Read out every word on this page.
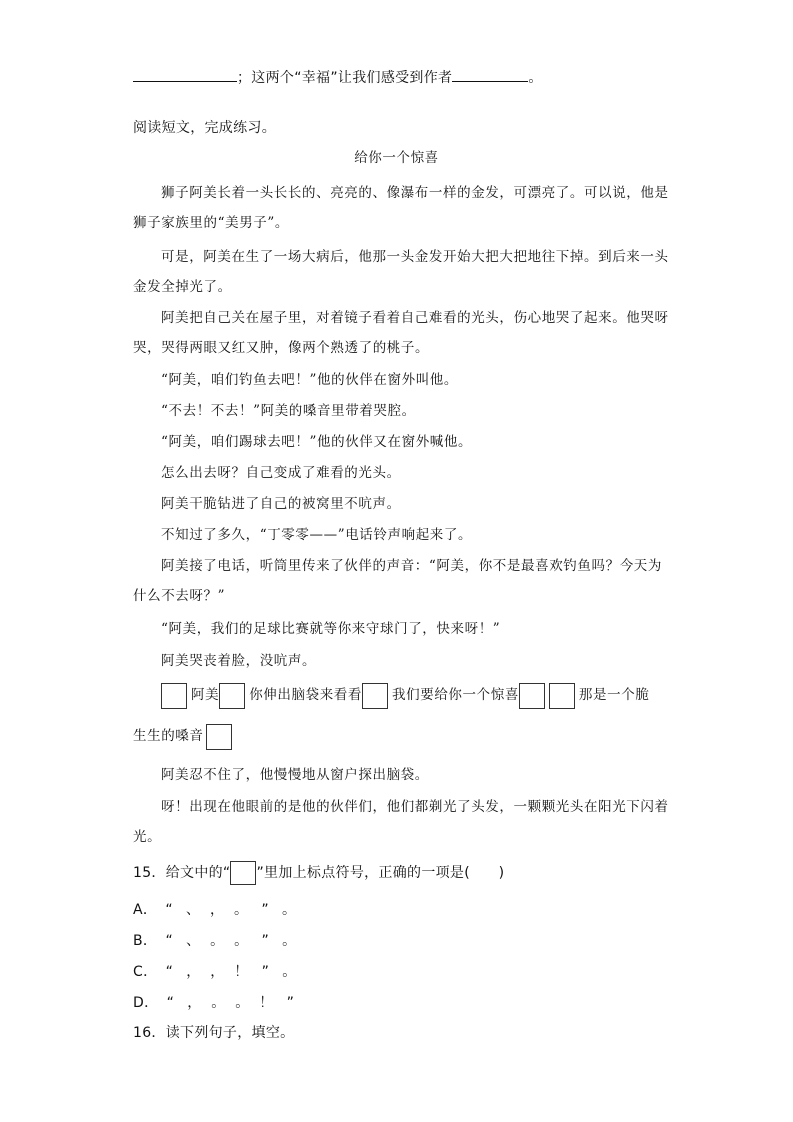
；这两个“幸福”让我们感受到作者	。
阅读短文，完成练习。
给你一个惊喜
狮子阿美长着一头长长的、亮亮的、像瀑布一样的金发，可漂亮了。可以说，他是
狮子家族里的“美男子”。
可是，阿美在生了一场大病后，他那一头金发开始大把大把地往下掉。到后来一头
金发全掉光了。
阿美把自己关在屋子里，对着镜子看着自己难看的光头，伤心地哭了起来。他哭呀
哭，哭得两眼又红又肿，像两个熟透了的桃子。
“阿美，咱们钓鱼去吧！”他的伙伴在窗外叫他。
“不去！不去！”阿美的嗓音里带着哭腔。
“阿美，咱们踢球去吧！”他的伙伴又在窗外喊他。
怎么出去呀？自己变成了难看的光头。
阿美干脆钻进了自己的被窝里不吭声。
不知过了多久，“丁零零——”电话铃声响起来了。
阿美接了电话，听筒里传来了伙伴的声音：“阿美，你不是最喜欢钓鱼吗？今天为
什么不去呀？”
“阿美，我们的足球比赛就等你来守球门了，快来呀！”
阿美哭丧着脸，没吭声。
阿美 你伸出脑袋来看看 我们要给你一个惊喜	那是一个脆
生生的嗓音
阿美忍不住了，他慢慢地从窗户探出脑袋。
呀！出现在他眼前的是他的伙伴们，他们都剃光了头发，一颗颗光头在阳光下闪着
光。
15．给文中的“ ”里加上标点符号，正确的一项是(　　)
A． “ 、 ， 。 ” 。
B． “ 、 。 。 ” 。
C． “ ， ， ！ ” 。
D． “ ， 。 。 ！ ”
16．读下列句子，填空。
